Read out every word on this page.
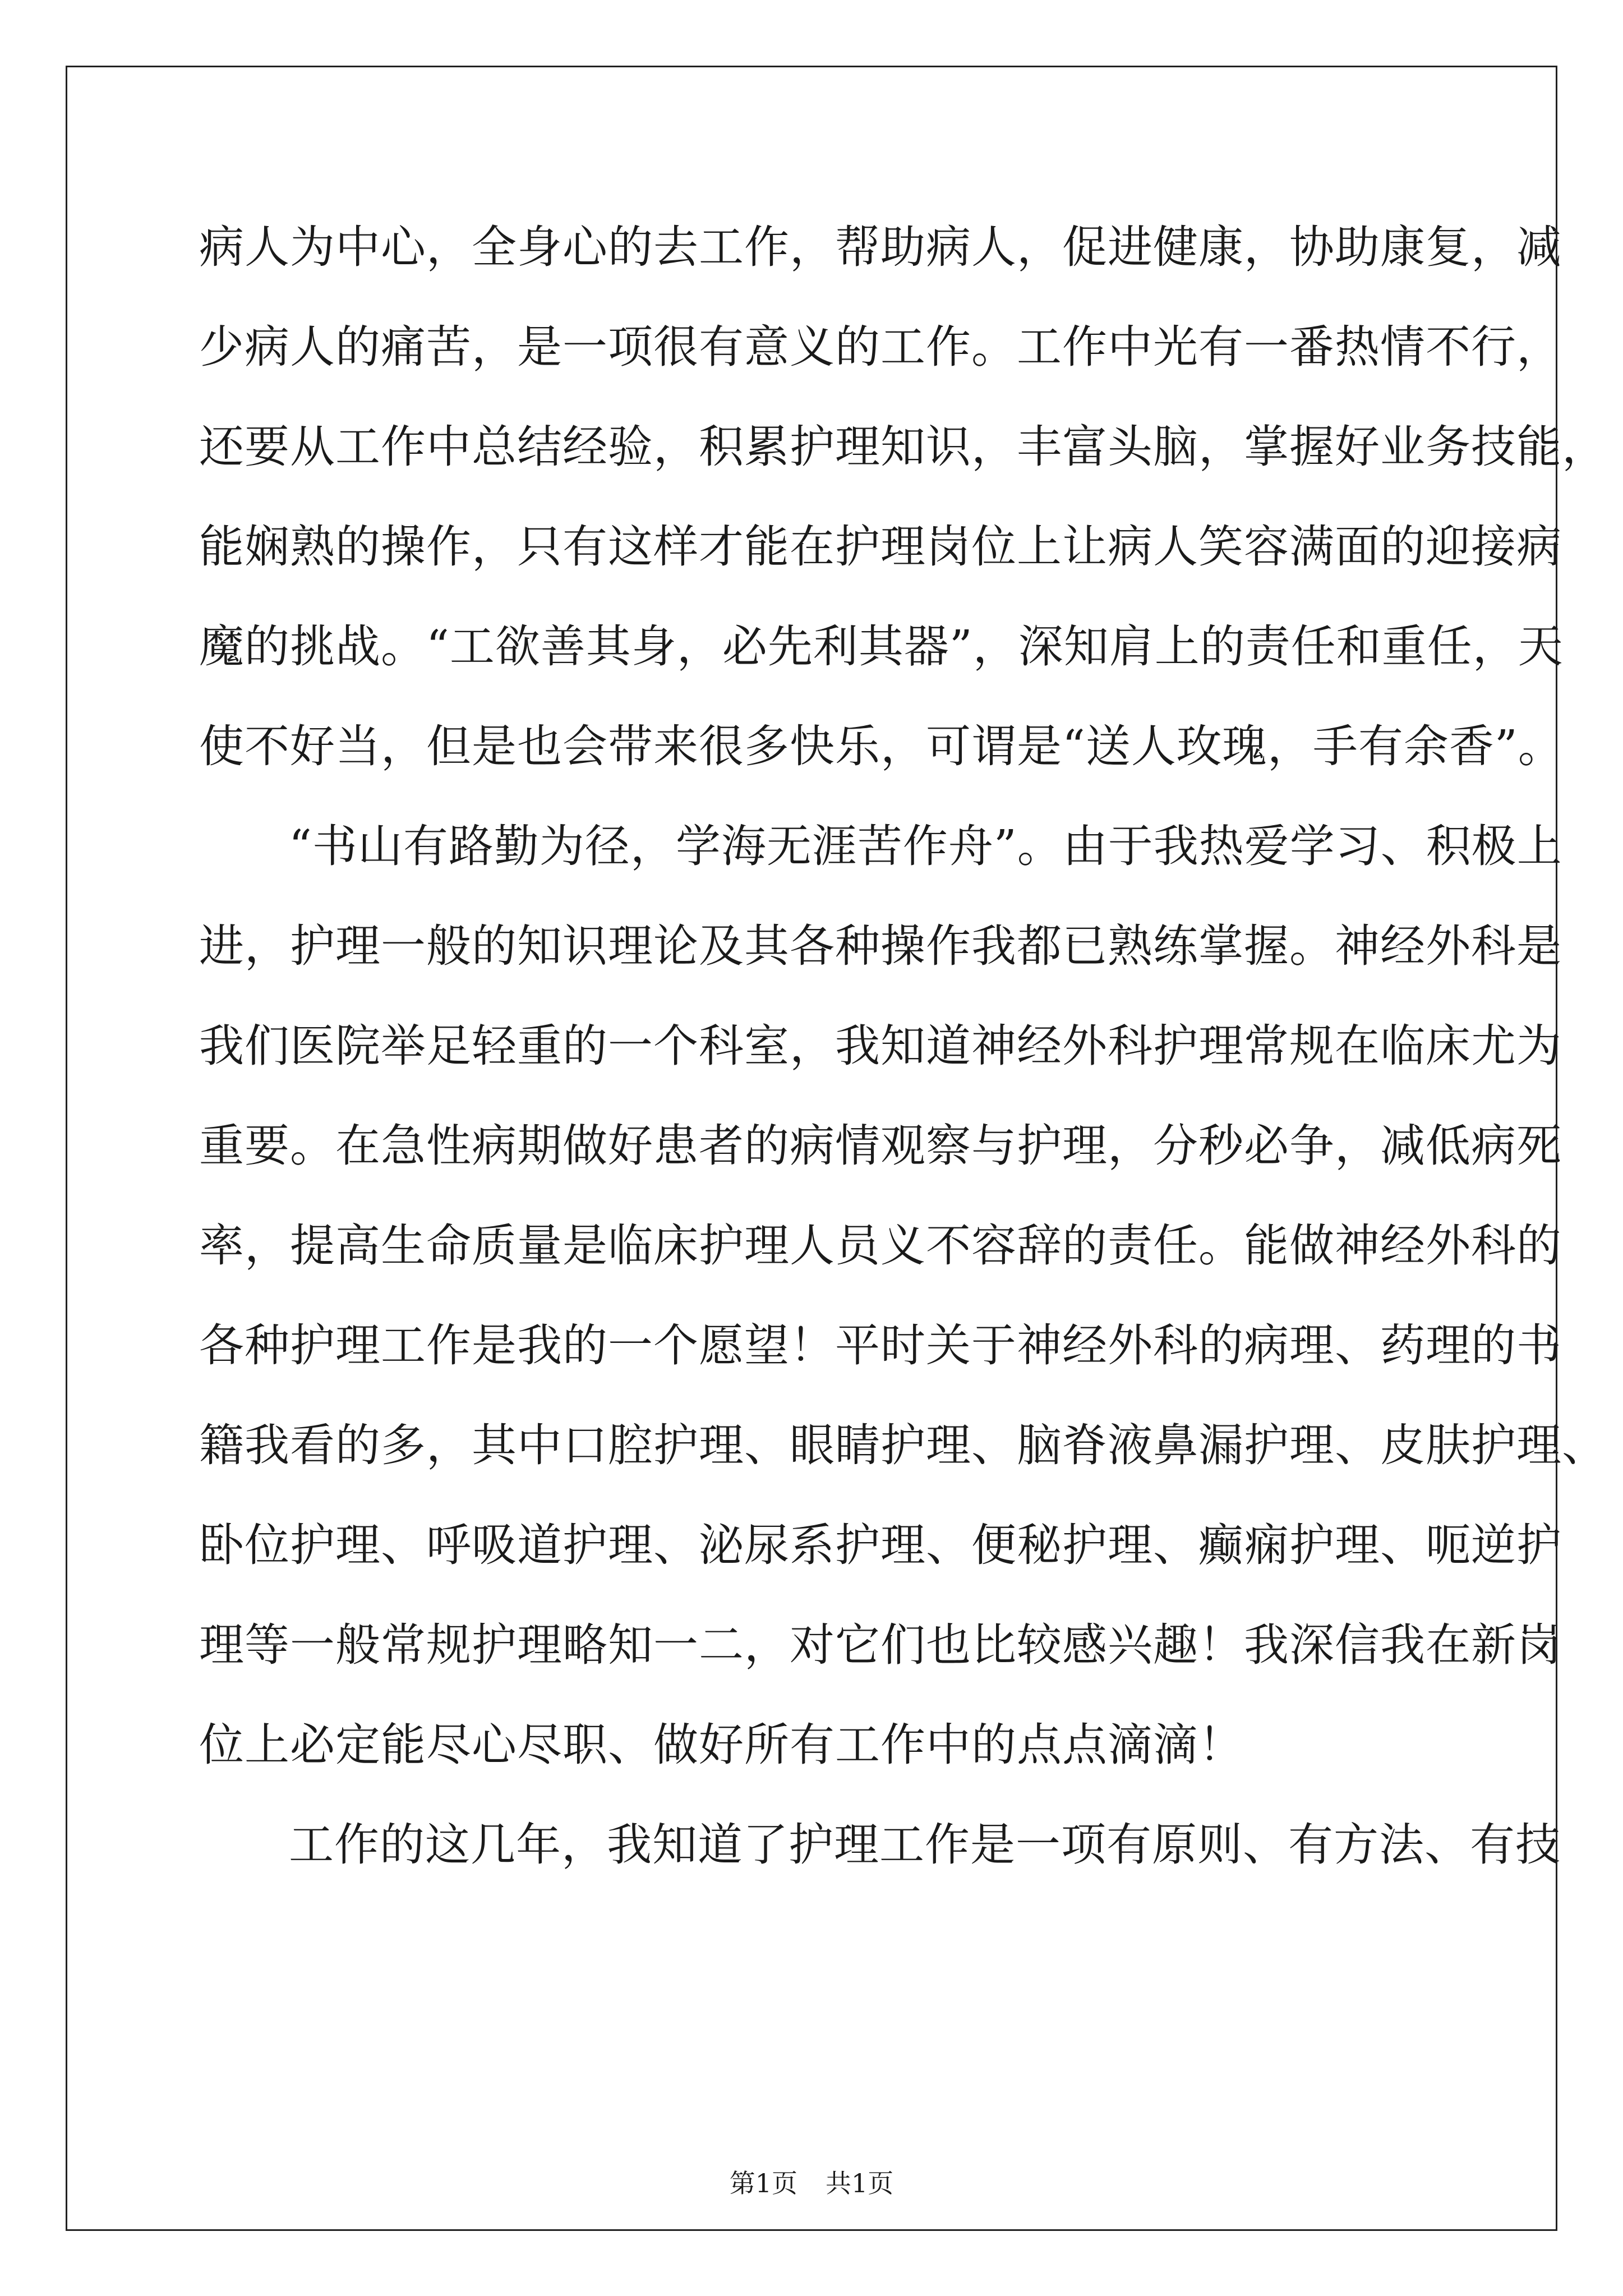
病人为中心，全身心的去工作，帮助病人，促进健康，协助康复，减
少病人的痛苦，是一项很有意义的工作。工作中光有一番热情不行，
还要从工作中总结经验，积累护理知识，丰富头脑，掌握好业务技能，
能娴熟的操作，只有这样才能在护理岗位上让病人笑容满面的迎接病
魔的挑战。“工欲善其身，必先利其器”，深知肩上的责任和重任，天
使不好当，但是也会带来很多快乐，可谓是“送人玫瑰，手有余香”。
“书山有路勤为径，学海无涯苦作舟”。由于我热爱学习、积极上
进，护理一般的知识理论及其各种操作我都已熟练掌握。神经外科是
我们医院举足轻重的一个科室，我知道神经外科护理常规在临床尤为
重要。在急性病期做好患者的病情观察与护理，分秒必争，减低病死
率，提高生命质量是临床护理人员义不容辞的责任。能做神经外科的
各种护理工作是我的一个愿望！平时关于神经外科的病理、药理的书
籍我看的多，其中口腔护理、眼睛护理、脑脊液鼻漏护理、皮肤护理、
卧位护理、呼吸道护理、泌尿系护理、便秘护理、癫痫护理、呃逆护
理等一般常规护理略知一二，对它们也比较感兴趣！我深信我在新岗
位上必定能尽心尽职、做好所有工作中的点点滴滴！
工作的这几年，我知道了护理工作是一项有原则、有方法、有技
第1页 共1页
